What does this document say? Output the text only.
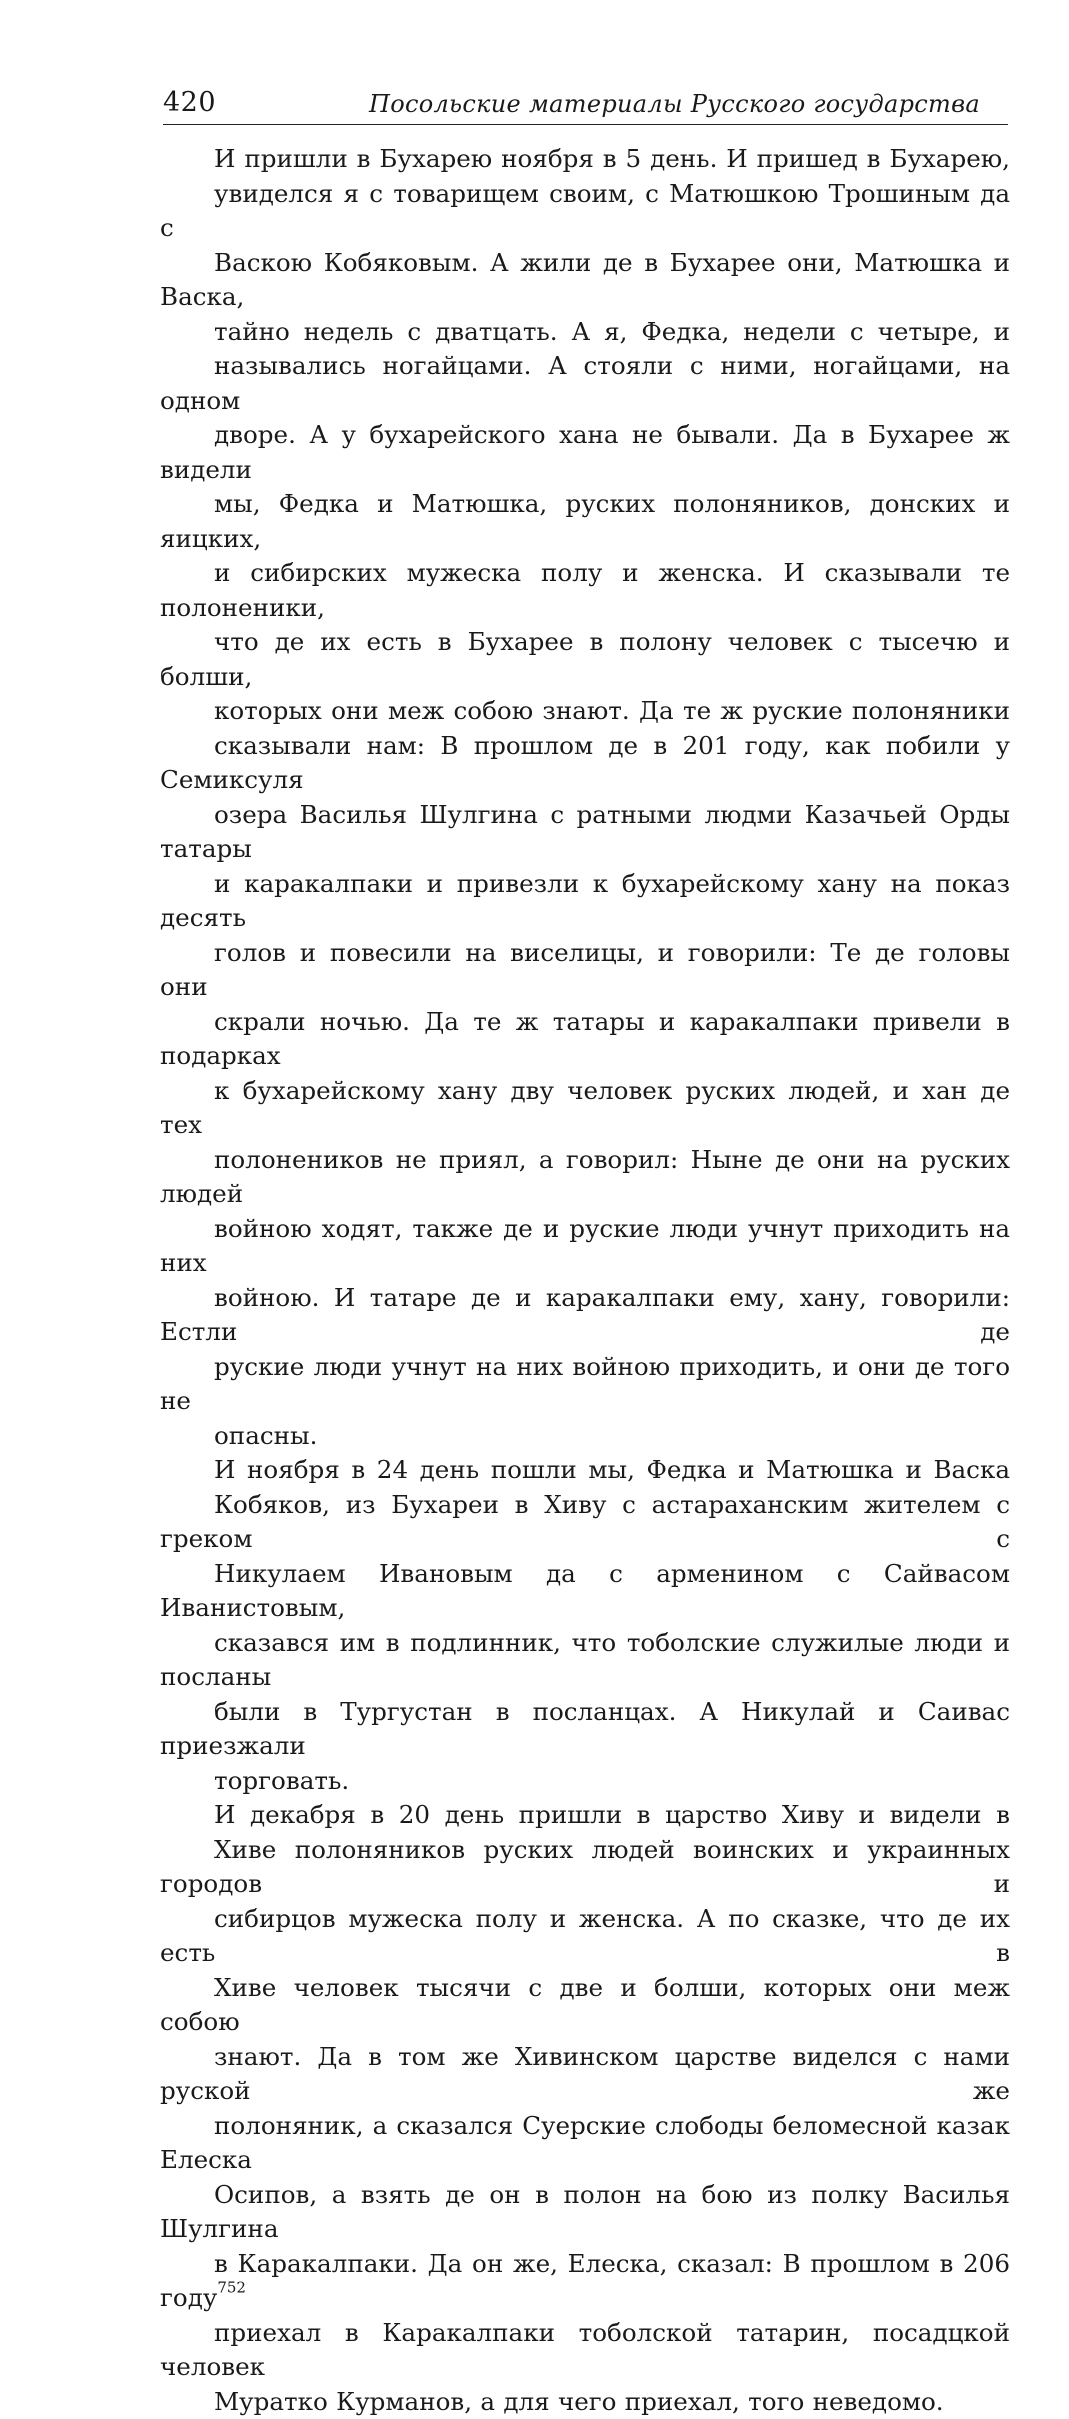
420	Посольские материалы Русского государства

И пришли в Бухарею ноября в 5 день. И пришед в Бухарею,
увиделся я с товарищем своим, с Матюшкою Трошиным да с
Васкою Кобяковым. А жили де в Бухарее они, Матюшка и Васка,
тайно недель с дватцать. А я, Федка, недели с четыре, и
назывались ногайцами. А стояли с ними, ногайцами, на одном
дворе. А у бухарейского хана не бывали. Да в Бухарее ж видели
мы, Федка и Матюшка, руских полоняников, донских и яицких,
и сибирских мужеска полу и женска. И сказывали те полоненики,
что де их есть в Бухарее в полону человек с тысечю и болши,
которых они меж собою знают. Да те ж руские полоняники
сказывали нам: В прошлом де в 201 году, как побили у Семиксуля
озера Василья Шулгина с ратными людми Казачьей Орды татары
и каракалпаки и привезли к бухарейскому хану на показ десять
голов и повесили на виселицы, и говорили: Те де головы они
скрали ночью. Да те ж татары и каракалпаки привели в подарках
к бухарейскому хану дву человек руских людей, и хан де тех
полонеников не приял, а говорил: Ныне де они на руских людей
войною ходят, также де и руские люди учнут приходить на них
войною. И татаре де и каракалпаки ему, хану, говорили: Естли де
руские люди учнут на них войною приходить, и они де того не
опасны.

И ноября в 24 день пошли мы, Федка и Матюшка и Васка
Кобяков, из Бухареи в Хиву с астараханским жителем с греком с
Никулаем Ивановым да с арменином с Сайвасом Иванистовым,
сказався им в подлинник, что тоболские служилые люди и посланы
были в Тургустан в посланцах. А Никулай и Саивас приезжали
торговать.

И декабря в 20 день пришли в царство Хиву и видели в
Хиве полоняников руских людей воинских и украинных городов и
сибирцов мужеска полу и женска. А по сказке, что де их есть в
Хиве человек тысячи с две и болши, которых они меж собою
знают. Да в том же Хивинском царстве виделся с нами руской же
полоняник, а сказался Суерские слободы беломесной казак Елеска
Осипов, а взять де он в полон на бою из полку Василья Шулгина
в Каракалпаки. Да он же, Елеска, сказал: В прошлом в 206 году$^{752}$
приехал в Каракалпаки тоболской татарин, посадцкой человек
Муратко Курманов, а для чего приехал, того неведомо.
